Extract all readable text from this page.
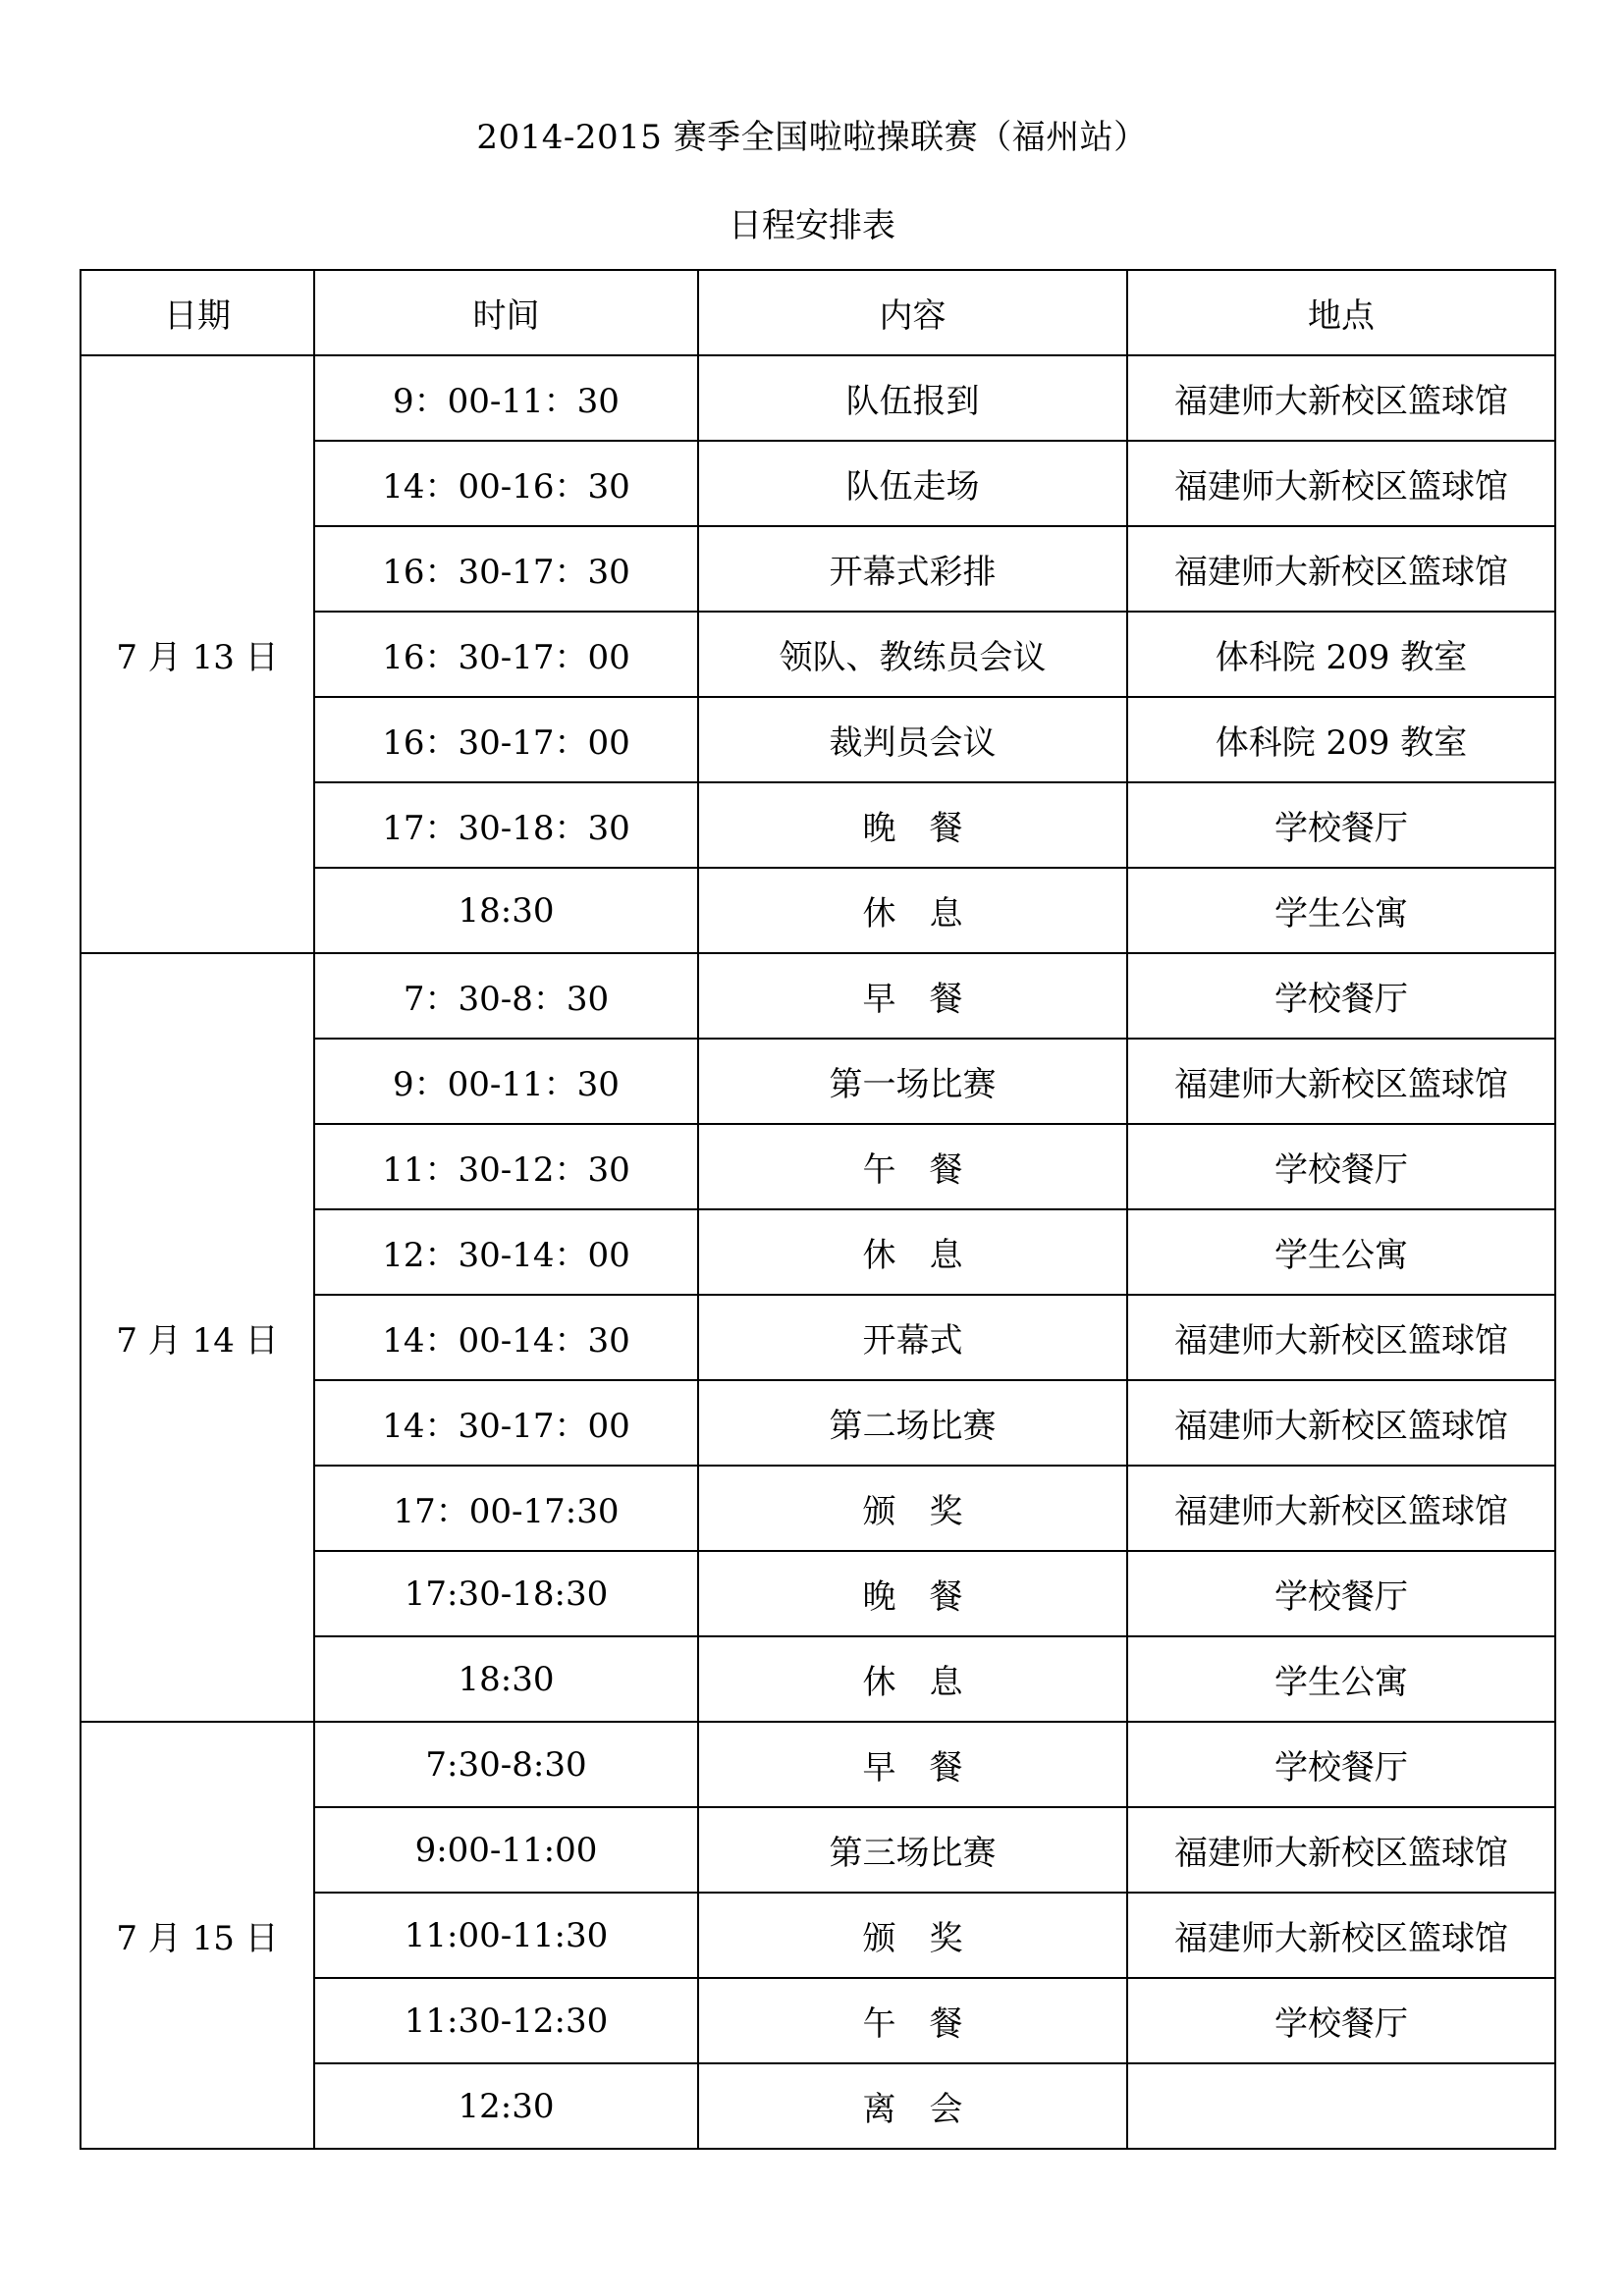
2014-2015 赛季全国啦啦操联赛（福州站）
日程安排表
日期	时间	内容	地点
7 月 13 日	9：00-11：30	队伍报到	福建师大新校区篮球馆
	14：00-16：30	队伍走场	福建师大新校区篮球馆
	16：30-17：30	开幕式彩排	福建师大新校区篮球馆
	16：30-17：00	领队、教练员会议	体科院 209 教室
	16：30-17：00	裁判员会议	体科院 209 教室
	17：30-18：30	晚　餐	学校餐厅
	18:30	休　息	学生公寓
7 月 14 日	7：30-8：30	早　餐	学校餐厅
	9：00-11：30	第一场比赛	福建师大新校区篮球馆
	11：30-12：30	午　餐	学校餐厅
	12：30-14：00	休　息	学生公寓
	14：00-14：30	开幕式	福建师大新校区篮球馆
	14：30-17：00	第二场比赛	福建师大新校区篮球馆
	17：00-17:30	颁　奖	福建师大新校区篮球馆
	17:30-18:30	晚　餐	学校餐厅
	18:30	休　息	学生公寓
7 月 15 日	7:30-8:30	早　餐	学校餐厅
	9:00-11:00	第三场比赛	福建师大新校区篮球馆
	11:00-11:30	颁　奖	福建师大新校区篮球馆
	11:30-12:30	午　餐	学校餐厅
	12:30	离　会	
